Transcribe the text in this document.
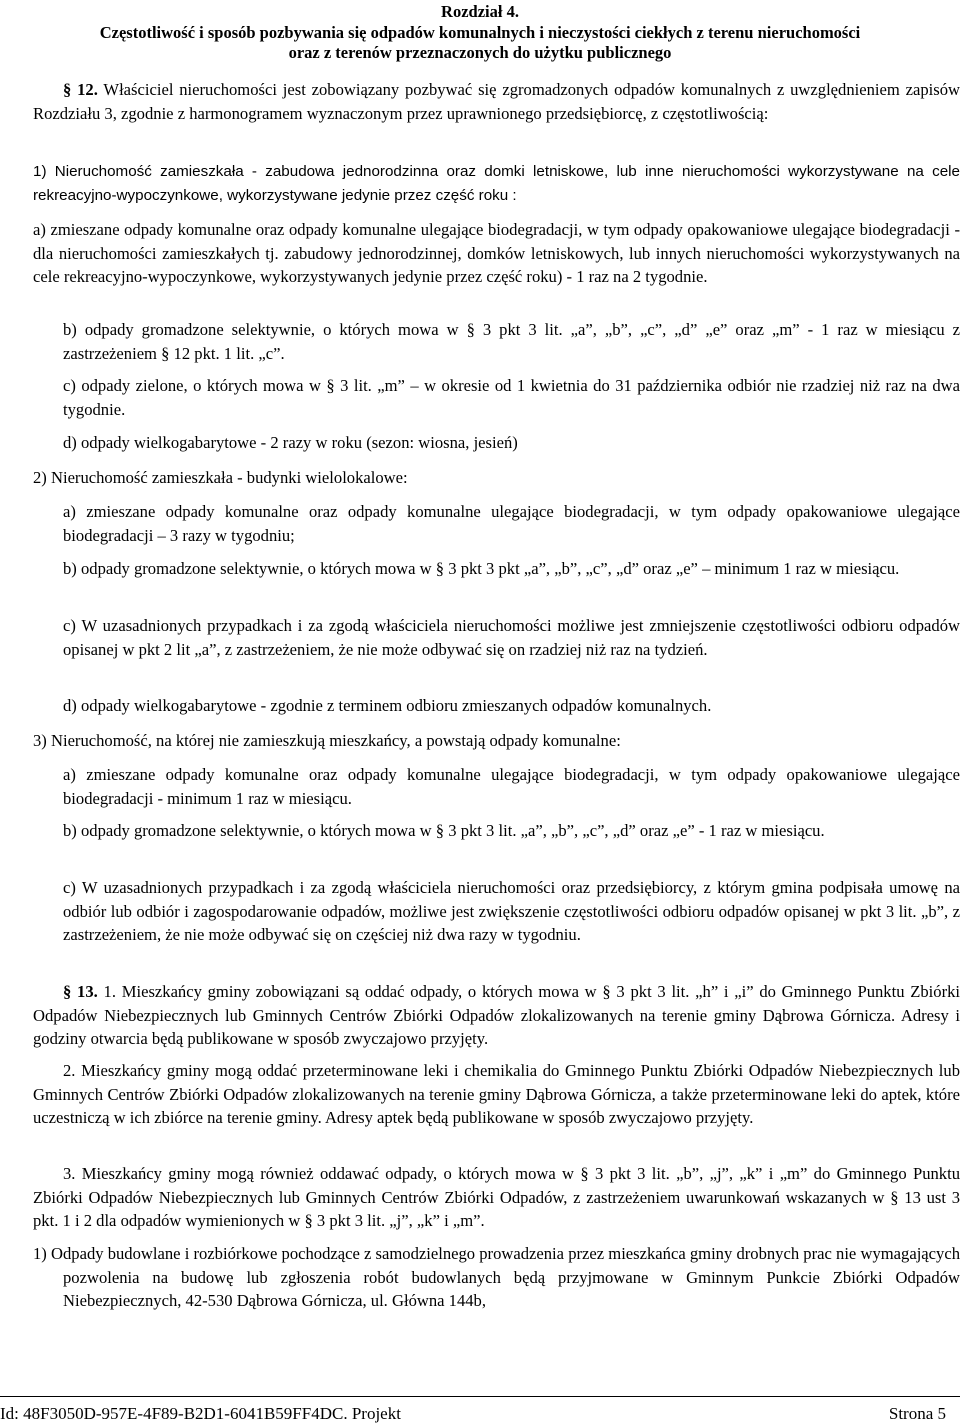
Rozdział 4.
Częstotliwość i sposób pozbywania się odpadów komunalnych i nieczystości ciekłych z terenu nieruchomości
oraz z terenów przeznaczonych do użytku publicznego

§ 12. Właściciel nieruchomości jest zobowiązany pozbywać się zgromadzonych odpadów komunalnych z uwzględnieniem zapisów Rozdziału 3, zgodnie z harmonogramem wyznaczonym przez uprawnionego przedsiębiorcę, z częstotliwością:

1) Nieruchomość zamieszkała - zabudowa jednorodzinna oraz domki letniskowe, lub inne nieruchomości wykorzystywane na cele rekreacyjno-wypoczynkowe, wykorzystywane jedynie przez część roku :

a) zmieszane odpady komunalne oraz odpady komunalne ulegające biodegradacji, w tym odpady opakowaniowe ulegające biodegradacji - dla nieruchomości zamieszkałych tj. zabudowy jednorodzinnej, domków letniskowych, lub innych nieruchomości wykorzystywanych na cele rekreacyjno-wypoczynkowe, wykorzystywanych jedynie przez część roku) - 1 raz na 2 tygodnie.

b) odpady gromadzone selektywnie, o których mowa w § 3 pkt 3 lit. „a”, „b”, „c”, „d” „e” oraz „m” - 1 raz w miesiącu z zastrzeżeniem § 12 pkt. 1 lit. „c”.

c) odpady zielone, o których mowa w § 3 lit. „m” – w okresie od 1 kwietnia do 31 października odbiór nie rzadziej niż raz na dwa tygodnie.

d) odpady wielkogabarytowe - 2 razy w roku (sezon: wiosna, jesień)

2) Nieruchomość zamieszkała - budynki wielolokalowe:

a) zmieszane odpady komunalne oraz odpady komunalne ulegające biodegradacji, w tym odpady opakowaniowe ulegające biodegradacji – 3 razy w tygodniu;

b) odpady gromadzone selektywnie, o których mowa w § 3 pkt 3 pkt „a”, „b”, „c”, „d” oraz „e” – minimum 1 raz w miesiącu.

c) W uzasadnionych przypadkach i za zgodą właściciela nieruchomości możliwe jest zmniejszenie częstotliwości odbioru odpadów opisanej w pkt 2 lit „a”, z zastrzeżeniem, że nie może odbywać się on rzadziej niż raz na tydzień.

d) odpady wielkogabarytowe - zgodnie z terminem odbioru zmieszanych odpadów komunalnych.

3) Nieruchomość, na której nie zamieszkują mieszkańcy, a powstają odpady komunalne:

a) zmieszane odpady komunalne oraz odpady komunalne ulegające biodegradacji, w tym odpady opakowaniowe ulegające biodegradacji - minimum 1 raz w miesiącu.

b) odpady gromadzone selektywnie, o których mowa w § 3 pkt 3 lit. „a”, „b”, „c”, „d” oraz „e” - 1 raz w miesiącu.

c) W uzasadnionych przypadkach i za zgodą właściciela nieruchomości oraz przedsiębiorcy, z którym gmina podpisała umowę na odbiór lub odbiór i zagospodarowanie odpadów, możliwe jest zwiększenie częstotliwości odbioru odpadów opisanej w pkt 3 lit. „b”, z zastrzeżeniem, że nie może odbywać się on częściej niż dwa razy w tygodniu.

§ 13. 1. Mieszkańcy gminy zobowiązani są oddać odpady, o których mowa w § 3 pkt 3 lit. „h” i „i” do Gminnego Punktu Zbiórki Odpadów Niebezpiecznych lub Gminnych Centrów Zbiórki Odpadów zlokalizowanych na terenie gminy Dąbrowa Górnicza. Adresy i godziny otwarcia będą publikowane w sposób zwyczajowo przyjęty.

2. Mieszkańcy gminy mogą oddać przeterminowane leki i chemikalia do Gminnego Punktu Zbiórki Odpadów Niebezpiecznych lub Gminnych Centrów Zbiórki Odpadów zlokalizowanych na terenie gminy Dąbrowa Górnicza, a także przeterminowane leki do aptek, które uczestniczą w ich zbiórce na terenie gminy. Adresy aptek będą publikowane w sposób zwyczajowo przyjęty.

3. Mieszkańcy gminy mogą również oddawać odpady, o których mowa w § 3 pkt 3 lit. „b”, „j”, „k” i „m” do Gminnego Punktu Zbiórki Odpadów Niebezpiecznych lub Gminnych Centrów Zbiórki Odpadów, z zastrzeżeniem uwarunkowań wskazanych w § 13 ust 3 pkt. 1 i 2 dla odpadów wymienionych w § 3 pkt 3 lit. „j”, „k” i „m”.

1) Odpady budowlane i rozbiórkowe pochodzące z samodzielnego prowadzenia przez mieszkańca gminy drobnych prac nie wymagających pozwolenia na budowę lub zgłoszenia robót budowlanych będą przyjmowane w Gminnym Punkcie Zbiórki Odpadów Niebezpiecznych, 42-530 Dąbrowa Górnicza, ul. Główna 144b,

Id: 48F3050D-957E-4F89-B2D1-6041B59FF4DC. Projekt	Strona 5
